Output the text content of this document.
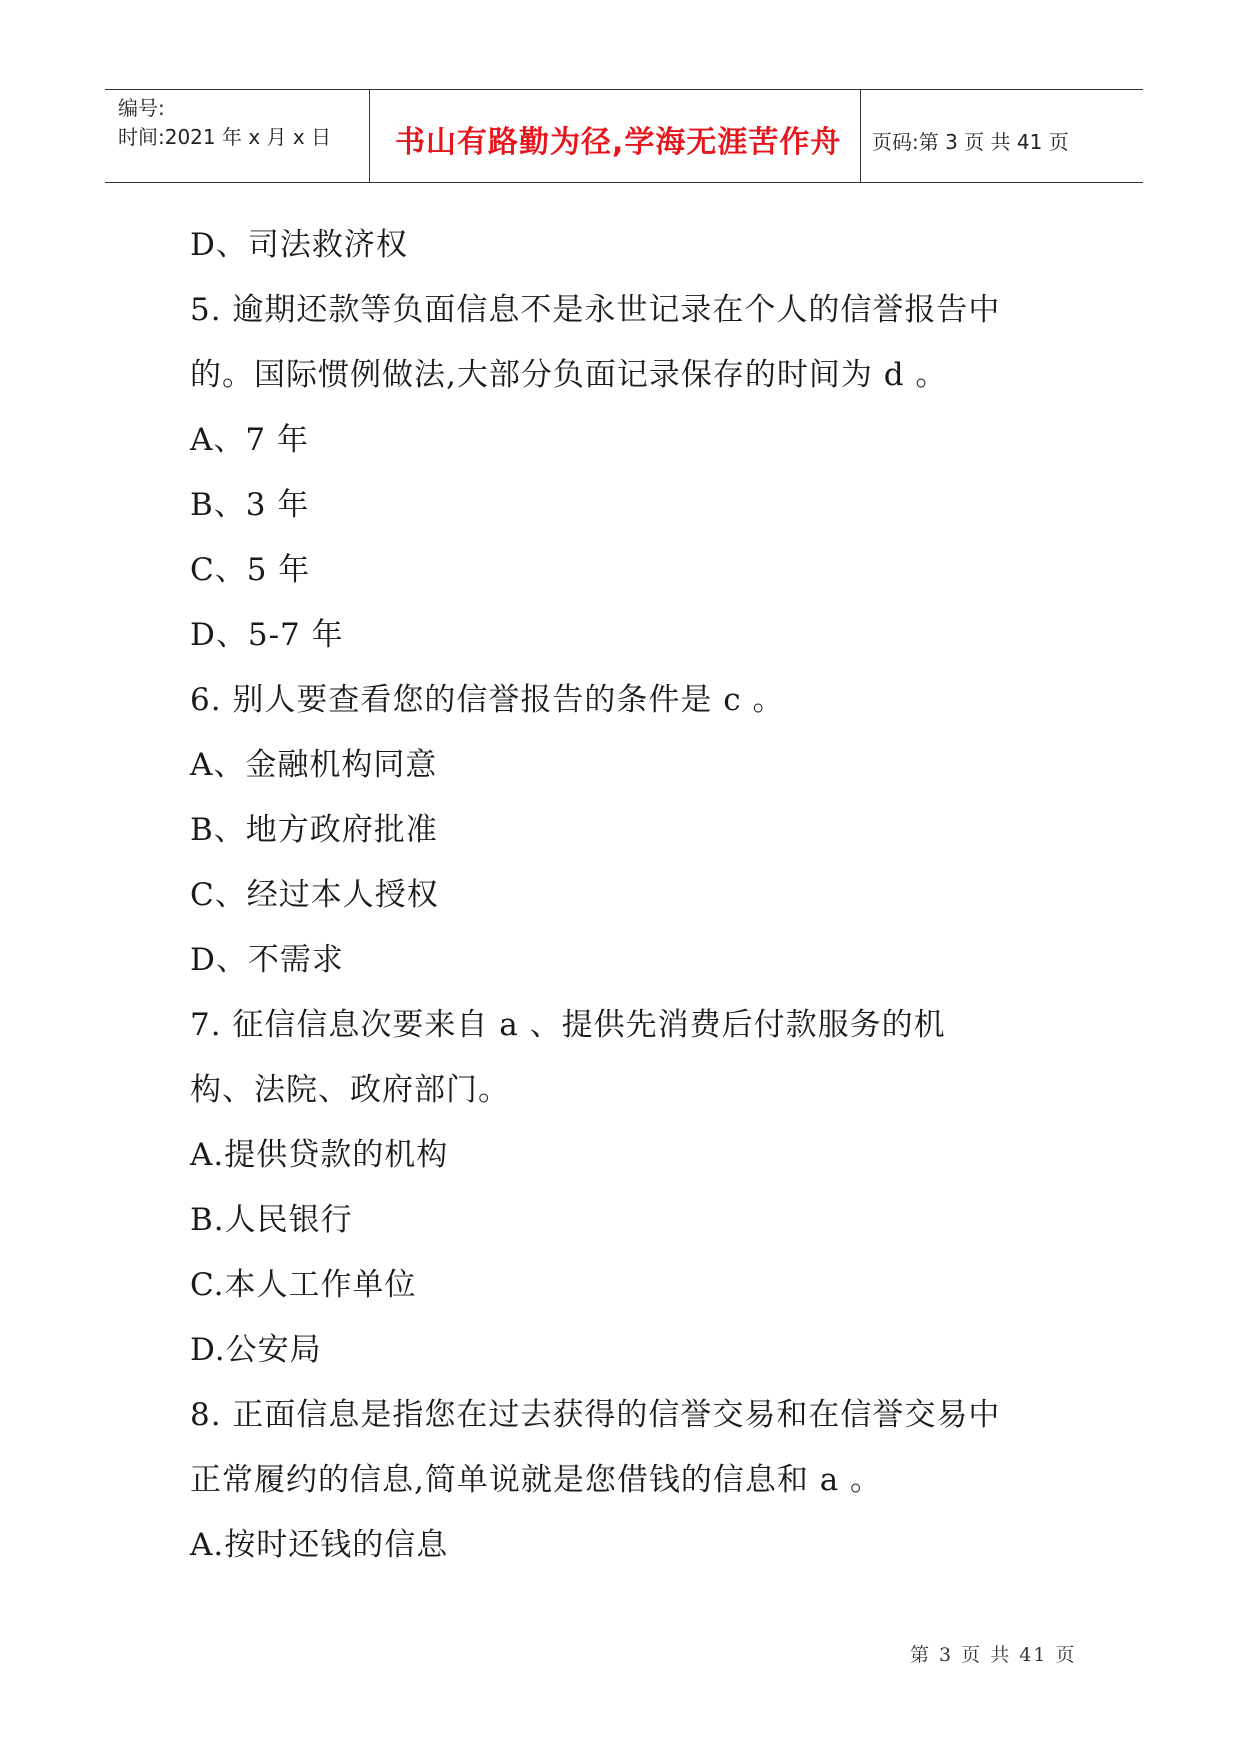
编号:
时间:2021 年 x 月 x 日 书山有路勤为径,学海无涯苦作舟 页码:第 3 页 共 41 页
D、司法救济权
5. 逾期还款等负面信息不是永世记录在个人的信誉报告中
的。国际惯例做法,大部分负面记录保存的时间为 d 。
A、7 年
B、3 年
C、5 年
D、5-7 年
6. 别人要查看您的信誉报告的条件是 c 。
A、金融机构同意
B、地方政府批准
C、经过本人授权
D、不需求
7. 征信信息次要来自 a 、提供先消费后付款服务的机
构、法院、政府部门。
A.提供贷款的机构
B.人民银行
C.本人工作单位
D.公安局
8. 正面信息是指您在过去获得的信誉交易和在信誉交易中
正常履约的信息,简单说就是您借钱的信息和 a 。
A.按时还钱的信息
第 3 页 共 41 页
